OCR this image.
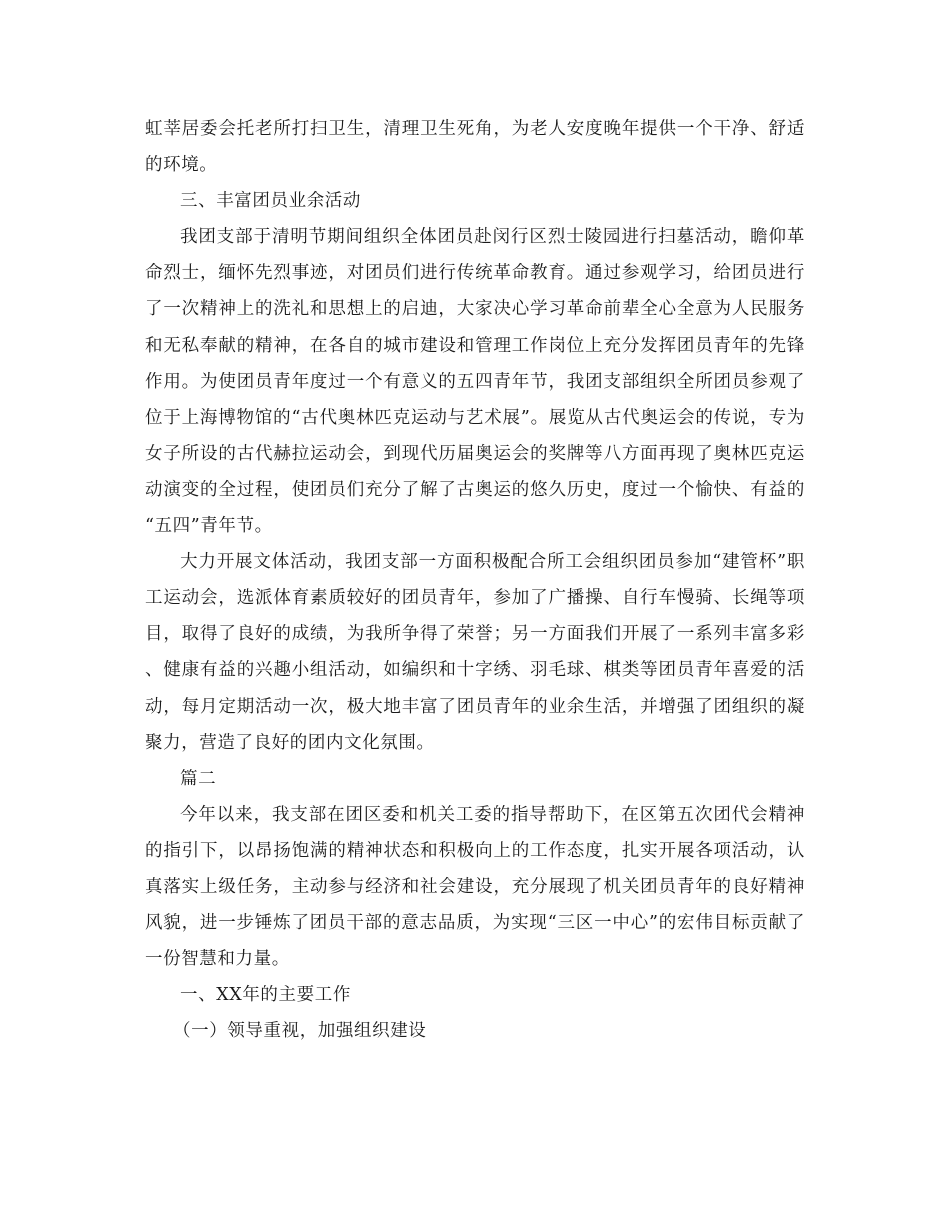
虹莘居委会托老所打扫卫生，清理卫生死角，为老人安度晚年提供一个干净、舒适的环境。

三、丰富团员业余活动

我团支部于清明节期间组织全体团员赴闵行区烈士陵园进行扫墓活动，瞻仰革命烈士，缅怀先烈事迹，对团员们进行传统革命教育。通过参观学习，给团员进行了一次精神上的洗礼和思想上的启迪，大家决心学习革命前辈全心全意为人民服务和无私奉献的精神，在各自的城市建设和管理工作岗位上充分发挥团员青年的先锋作用。为使团员青年度过一个有意义的五四青年节，我团支部组织全所团员参观了位于上海博物馆的“古代奥林匹克运动与艺术展”。展览从古代奥运会的传说，专为女子所设的古代赫拉运动会，到现代历届奥运会的奖牌等八方面再现了奥林匹克运动演变的全过程，使团员们充分了解了古奥运的悠久历史，度过一个愉快、有益的“五四”青年节。

大力开展文体活动，我团支部一方面积极配合所工会组织团员参加“建管杯”职工运动会，选派体育素质较好的团员青年，参加了广播操、自行车慢骑、长绳等项目，取得了良好的成绩，为我所争得了荣誉；另一方面我们开展了一系列丰富多彩、健康有益的兴趣小组活动，如编织和十字绣、羽毛球、棋类等团员青年喜爱的活动，每月定期活动一次，极大地丰富了团员青年的业余生活，并增强了团组织的凝聚力，营造了良好的团内文化氛围。

篇二

今年以来，我支部在团区委和机关工委的指导帮助下，在区第五次团代会精神的指引下，以昂扬饱满的精神状态和积极向上的工作态度，扎实开展各项活动，认真落实上级任务，主动参与经济和社会建设，充分展现了机关团员青年的良好精神风貌，进一步锤炼了团员干部的意志品质，为实现“三区一中心”的宏伟目标贡献了一份智慧和力量。

一、XX年的主要工作

（一）领导重视，加强组织建设
